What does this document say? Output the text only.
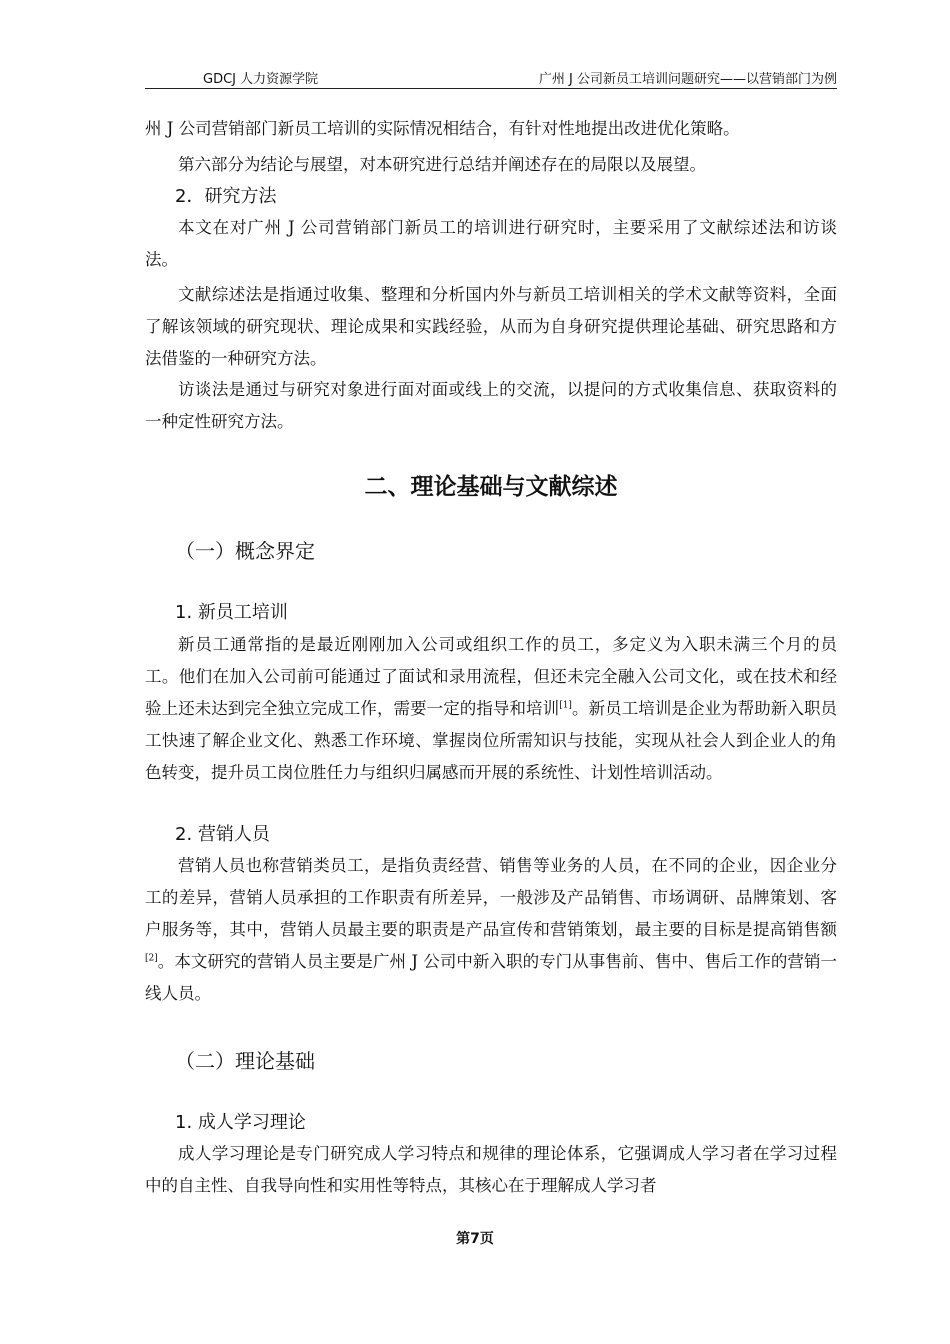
GDCJ 人力资源学院	广州 J 公司新员工培训问题研究——以营销部门为例

州 J 公司营销部门新员工培训的实际情况相结合，有针对性地提出改进优化策略。

第六部分为结论与展望，对本研究进行总结并阐述存在的局限以及展望。

2．研究方法

本文在对广州 J 公司营销部门新员工的培训进行研究时，主要采用了文献综述法和访谈法。

文献综述法是指通过收集、整理和分析国内外与新员工培训相关的学术文献等资料，全面了解该领域的研究现状、理论成果和实践经验，从而为自身研究提供理论基础、研究思路和方法借鉴的一种研究方法。

访谈法是通过与研究对象进行面对面或线上的交流，以提问的方式收集信息、获取资料的一种定性研究方法。

二、理论基础与文献综述

（一）概念界定

1. 新员工培训

新员工通常指的是最近刚刚加入公司或组织工作的员工，多定义为入职未满三个月的员工。他们在加入公司前可能通过了面试和录用流程，但还未完全融入公司文化，或在技术和经验上还未达到完全独立完成工作，需要一定的指导和培训[1]。新员工培训是企业为帮助新入职员工快速了解企业文化、熟悉工作环境、掌握岗位所需知识与技能，实现从社会人到企业人的角色转变，提升员工岗位胜任力与组织归属感而开展的系统性、计划性培训活动。

2. 营销人员

营销人员也称营销类员工，是指负责经营、销售等业务的人员，在不同的企业，因企业分工的差异，营销人员承担的工作职责有所差异，一般涉及产品销售、市场调研、品牌策划、客户服务等，其中，营销人员最主要的职责是产品宣传和营销策划，最主要的目标是提高销售额[2]。本文研究的营销人员主要是广州 J 公司中新入职的专门从事售前、售中、售后工作的营销一线人员。

（二）理论基础

1. 成人学习理论

成人学习理论是专门研究成人学习特点和规律的理论体系，它强调成人学习者在学习过程中的自主性、自我导向性和实用性等特点，其核心在于理解成人学习者

第7页
